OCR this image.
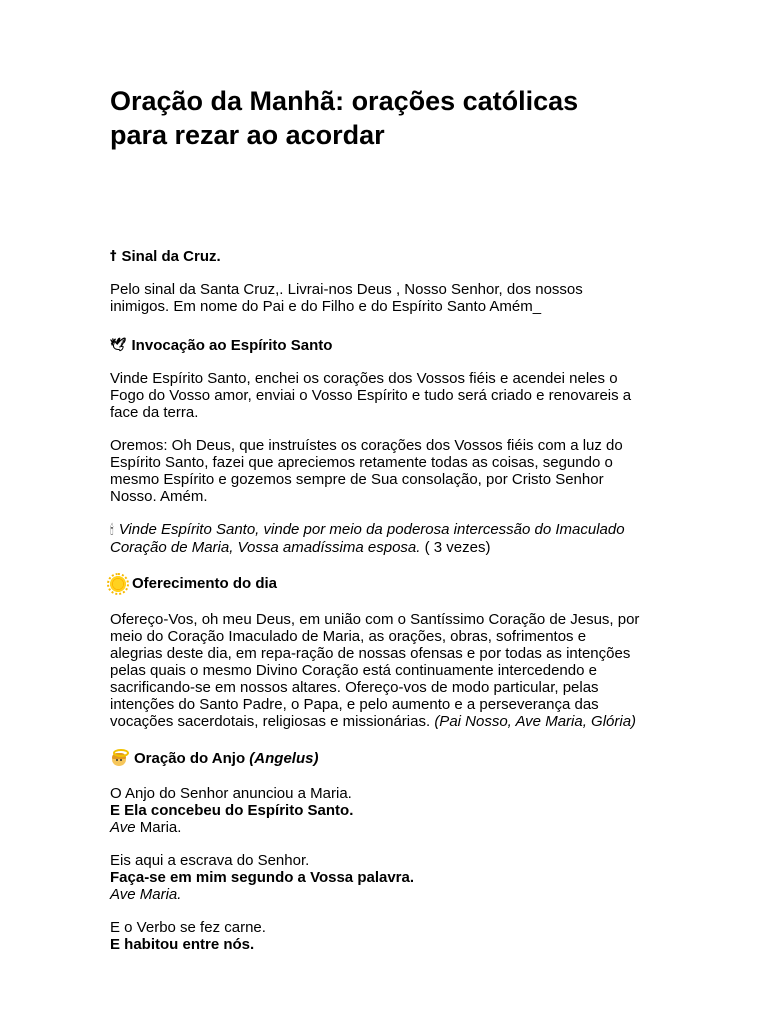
Oração da Manhã: orações católicas
para rezar ao acordar
† Sinal da Cruz.

Pelo sinal da Santa Cruz,. Livrai-nos Deus , Nosso Senhor, dos nossos
inimigos. Em nome do Pai e do Filho e do Espírito Santo Amém_

🕊 Invocação ao Espírito Santo

Vinde Espírito Santo, enchei os corações dos Vossos fiéis e acendei neles o
Fogo do Vosso amor, enviai o Vosso Espírito e tudo será criado e renovareis a
face da terra.

Oremos: Oh Deus, que instruístes os corações dos Vossos fiéis com a luz do
Espírito Santo, fazei que apreciemos retamente todas as coisas, segundo o
mesmo Espírito e gozemos sempre de Sua consolação, por Cristo Senhor
Nosso. Amém.

🕯 Vinde Espírito Santo, vinde por meio da poderosa intercessão do Imaculado
Coração de Maria, Vossa amadíssima esposa. ( 3 vezes)

Oferecimento do dia

Ofereço-Vos, oh meu Deus, em união com o Santíssimo Coração de Jesus, por
meio do Coração Imaculado de Maria, as orações, obras, sofrimentos e
alegrias deste dia, em repa-ração de nossas ofensas e por todas as intenções
pelas quais o mesmo Divino Coração está continuamente intercedendo e
sacrificando-se em nossos altares. Ofereço-vos de modo particular, pelas
intenções do Santo Padre, o Papa, e pelo aumento e a perseverança das
vocações sacerdotais, religiosas e missionárias. (Pai Nosso, Ave Maria, Glória)

Oração do Anjo
(Angelus)

O Anjo do Senhor anunciou a Maria.
E Ela concebeu do Espírito Santo.
Ave Maria.

Eis aqui a escrava do Senhor.
Faça-se em mim segundo a Vossa palavra.
Ave Maria.

E o Verbo se fez carne.
E habitou entre nós.
